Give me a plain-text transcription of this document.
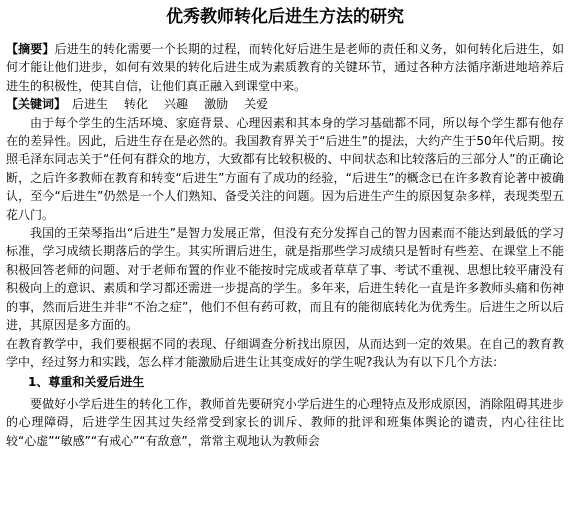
优秀教师转化后进生方法的研究

【摘要】后进生的转化需要一个长期的过程，而转化好后进生是老师的责任和义务，如何转化后进生，如何才能让他们进步，如何有效果的转化后进生成为素质教育的关键环节，通过各种方法循序渐进地培养后进生的积极性，使其自信，让他们真正融入到课堂中来。

【关键词】 后进生 转化 兴趣 激励 关爱

由于每个学生的生活环境、家庭背景、心理因素和其本身的学习基础都不同，所以每个学生都有他存在的差异性。因此，后进生存在是必然的。我国教育界关于“后进生”的提法，大约产生于50年代后期。按照毛泽东同志关于“任何有群众的地方，大致都有比较积极的、中间状态和比较落后的三部分人”的正确论断，之后许多教师在教育和转变“后进生”方面有了成功的经验，“后进生”的概念已在许多教育论著中被确认，至今“后进生”仍然是一个人们熟知、备受关注的问题。因为后进生产生的原因复杂多样，表现类型五花八门。

我国的王荣琴指出“后进生”是智力发展正常，但没有充分发挥自己的智力因素而不能达到最低的学习标准，学习成绩长期落后的学生。其实所谓后进生，就是指那些学习成绩只是暂时有些差、在课堂上不能积极回答老师的问题、对于老师布置的作业不能按时完成或者草草了事、考试不重视、思想比较平庸没有积极向上的意识、素质和学习都还需进一步提高的学生。多年来，后进生转化一直是许多教师头痛和伤神的事，然而后进生并非“不治之症”，他们不但有药可救，而且有的能彻底转化为优秀生。后进生之所以后进，其原因是多方面的。

在教育教学中，我们要根据不同的表现、仔细调查分析找出原因，从而达到一定的效果。在自己的教育教学中，经过努力和实践，怎么样才能激励后进生让其变成好的学生呢?我认为有以下几个方法：

1、尊重和关爱后进生

要做好小学后进生的转化工作，教师首先要研究小学后进生的心理特点及形成原因，消除阻碍其进步的心理障碍，后进学生因其过失经常受到家长的训斥、教师的批评和班集体舆论的谴责，内心往往比较“心虚”“敏感”“有戒心”“有敌意”，常常主观地认为教师会
